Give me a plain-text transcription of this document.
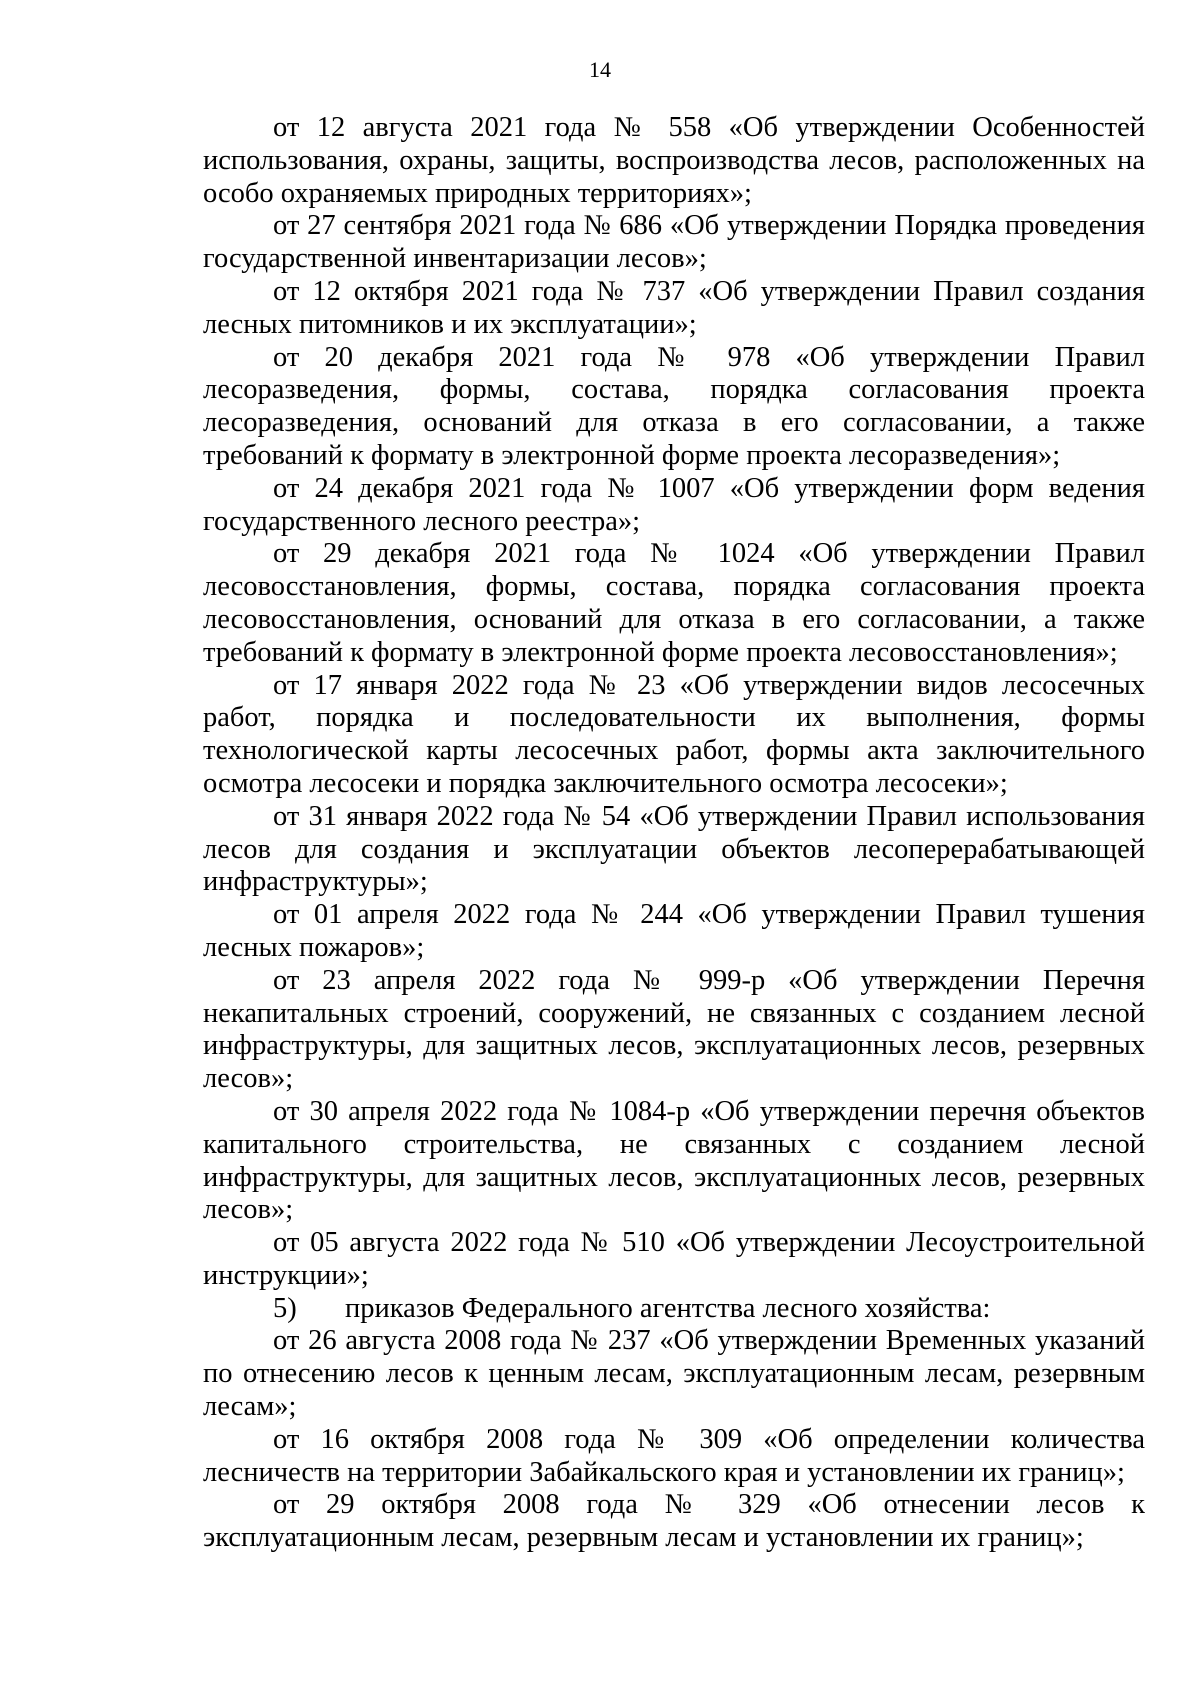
14

от 12 августа 2021 года № 558 «Об утверждении Особенностей использования, охраны, защиты, воспроизводства лесов, расположенных на особо охраняемых природных территориях»;

от 27 сентября 2021 года № 686 «Об утверждении Порядка проведения государственной инвентаризации лесов»;

от 12 октября 2021 года № 737 «Об утверждении Правил создания лесных питомников и их эксплуатации»;

от 20 декабря 2021 года № 978 «Об утверждении Правил лесоразведения, формы, состава, порядка согласования проекта лесоразведения, оснований для отказа в его согласовании, а также требований к формату в электронной форме проекта лесоразведения»;

от 24 декабря 2021 года № 1007 «Об утверждении форм ведения государственного лесного реестра»;

от 29 декабря 2021 года № 1024 «Об утверждении Правил лесовосстановления, формы, состава, порядка согласования проекта лесовосстановления, оснований для отказа в его согласовании, а также требований к формату в электронной форме проекта лесовосстановления»;

от 17 января 2022 года № 23 «Об утверждении видов лесосечных работ, порядка и последовательности их выполнения, формы технологической карты лесосечных работ, формы акта заключительного осмотра лесосеки и порядка заключительного осмотра лесосеки»;

от 31 января 2022 года № 54 «Об утверждении Правил использования лесов для создания и эксплуатации объектов лесоперерабатывающей инфраструктуры»;

от 01 апреля 2022 года № 244 «Об утверждении Правил тушения лесных пожаров»;

от 23 апреля 2022 года № 999-р «Об утверждении Перечня некапитальных строений, сооружений, не связанных с созданием лесной инфраструктуры, для защитных лесов, эксплуатационных лесов, резервных лесов»;

от 30 апреля 2022 года № 1084-р «Об утверждении перечня объектов капитального строительства, не связанных с созданием лесной инфраструктуры, для защитных лесов, эксплуатационных лесов, резервных лесов»;

от 05 августа 2022 года № 510 «Об утверждении Лесоустроительной инструкции»;

5) приказов Федерального агентства лесного хозяйства:

от 26 августа 2008 года № 237 «Об утверждении Временных указаний по отнесению лесов к ценным лесам, эксплуатационным лесам, резервным лесам»;

от 16 октября 2008 года № 309 «Об определении количества лесничеств на территории Забайкальского края и установлении их границ»;

от 29 октября 2008 года № 329 «Об отнесении лесов к эксплуатационным лесам, резервным лесам и установлении их границ»;
